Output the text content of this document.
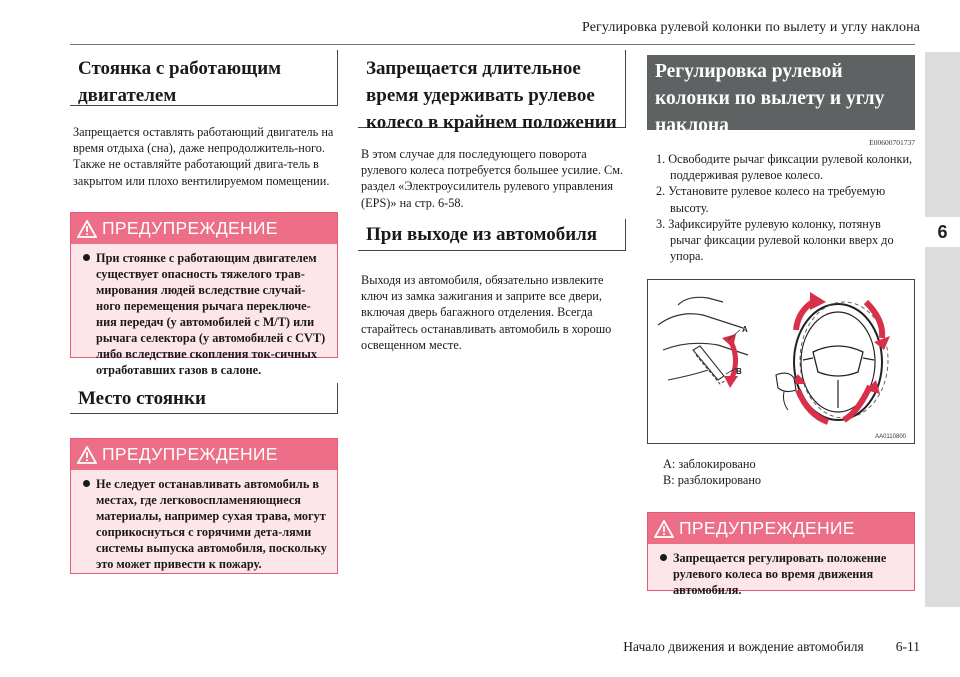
Регулировка рулевой колонки по вылету и углу наклона
6
Стоянка с работающим двигателем
Запрещается оставлять работающий двигатель на время отдыха (сна), даже непродолжитель-ного. Также не оставляйте работающий двига-тель в закрытом или плохо вентилируемом помещении.
ПРЕДУПРЕЖДЕНИЕ
При стоянке с работающим двигателем существует опасность тяжелого трав-мирования людей вследствие случай-ного перемещения рычага переключе-ния передач (у автомобилей с M/T) или рычага селектора (у автомобилей с CVT) либо вследствие скопления ток-сичных отработавших газов в салоне.
Место стоянки
ПРЕДУПРЕЖДЕНИЕ
Не следует останавливать автомобиль в местах, где легковоспламеняющиеся материалы, например сухая трава, могут соприкоснуться с горячими дета-лями системы выпуска автомобиля, поскольку это может привести к пожару.
Запрещается длительное время удерживать рулевое колесо в крайнем положении
В этом случае для последующего поворота рулевого колеса потребуется большее усилие. См. раздел «Электроусилитель рулевого управления (EPS)» на стр. 6-58.
При выходе из автомобиля
Выходя из автомобиля, обязательно извлеките ключ из замка зажигания и заприте все двери, включая дверь багажного отделения. Всегда старайтесь останавливать автомобиль в хорошо освещенном месте.
Регулировка рулевой колонки по вылету и углу наклона
E00600701737
1. Освободите рычаг фиксации рулевой колонки, поддерживая рулевое колесо.
2. Установите рулевое колесо на требуемую высоту.
3. Зафиксируйте рулевую колонку, потянув рычаг фиксации рулевой колонки вверх до упора.
A
B
AA0110800
A: заблокировано
B: разблокировано
ПРЕДУПРЕЖДЕНИЕ
Запрещается регулировать положение рулевого колеса во время движения автомобиля.
Начало движения и вождение автомобиля 6-11
